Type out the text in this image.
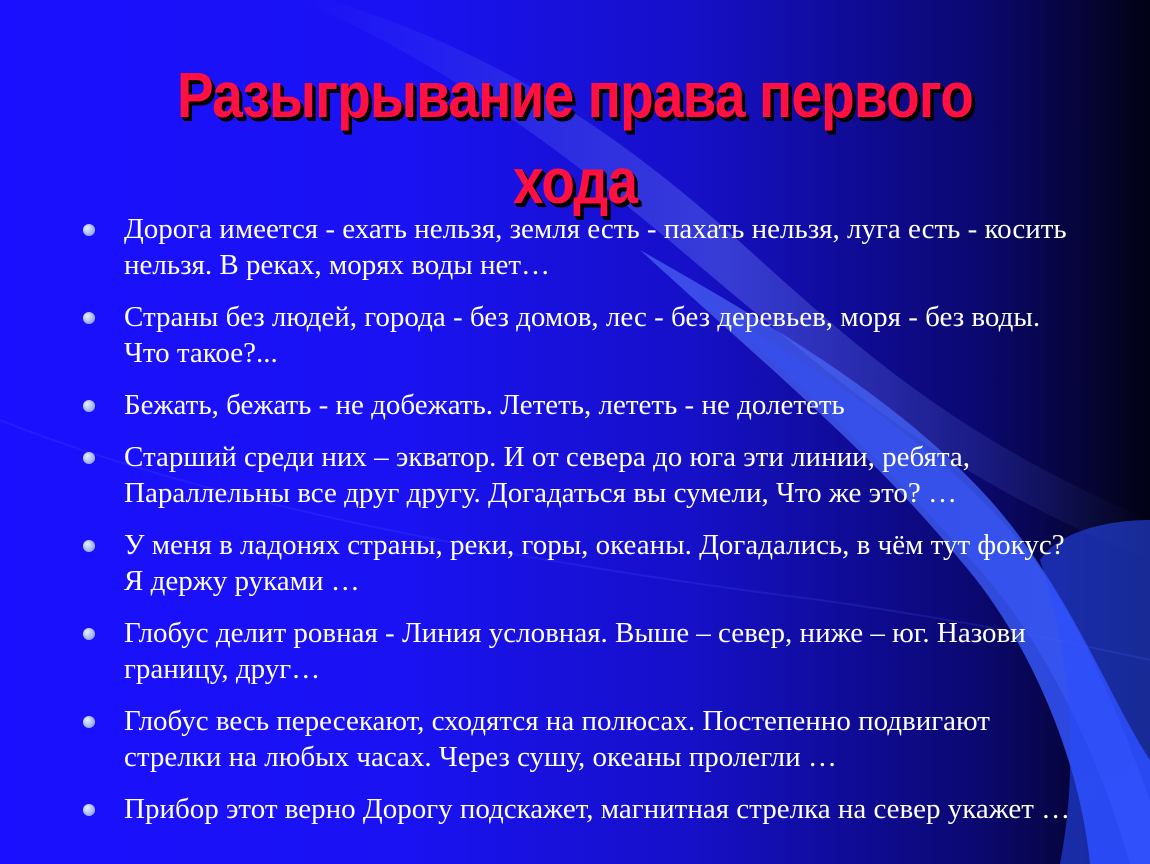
Разыгрывание права первого хода
Дорога имеется - ехать нельзя, земля есть - пахать нельзя, луга есть - косить нельзя. В реках, морях воды нет…
Страны без людей, города - без домов, лес - без деревьев, моря - без воды. Что такое?...
Бежать, бежать - не добежать. Лететь, лететь - не долететь
Старший среди них – экватор. И от севера до юга эти линии, ребята, Параллельны все друг другу. Догадаться вы сумели, Что же это? …
У меня в ладонях страны, реки, горы, океаны. Догадались, в чём тут фокус? Я держу руками …
Глобус делит ровная - Линия условная. Выше – север, ниже – юг. Назови границу, друг…
Глобус весь пересекают, сходятся на полюсах. Постепенно подвигают стрелки на любых часах. Через сушу, океаны пролегли …
Прибор этот верно Дорогу подскажет, магнитная стрелка на север укажет …
